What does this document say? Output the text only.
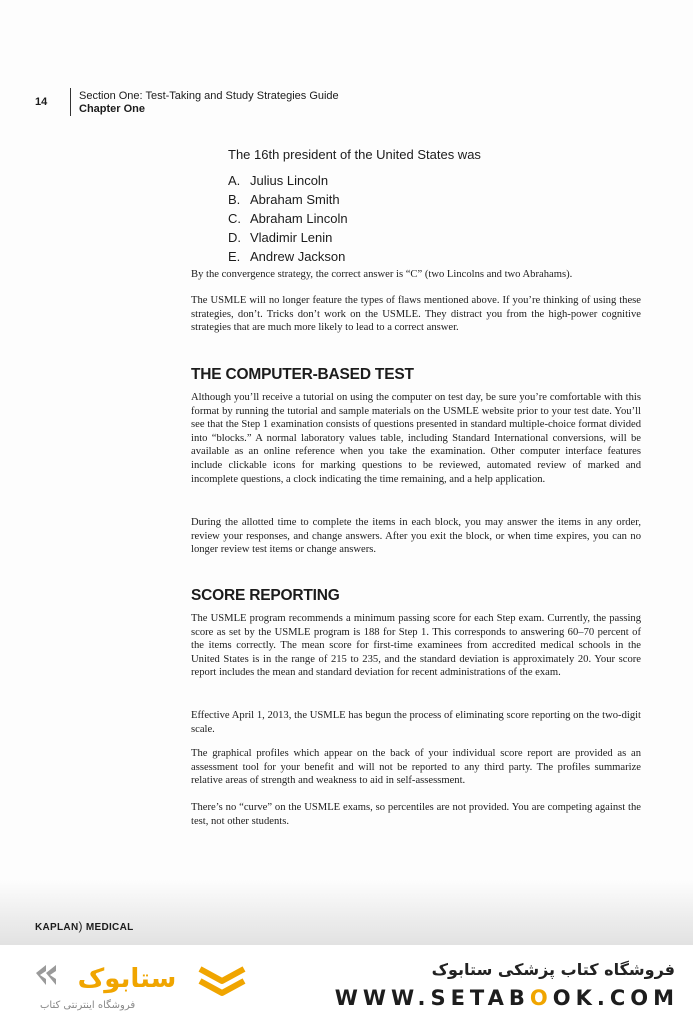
14	Section One: Test-Taking and Study Strategies Guide
Chapter One
The 16th president of the United States was
A. Julius Lincoln
B. Abraham Smith
C. Abraham Lincoln
D. Vladimir Lenin
E. Andrew Jackson

By the convergence strategy, the correct answer is “C” (two Lincolns and two Abrahams).

The USMLE will no longer feature the types of flaws mentioned above. If you’re thinking of using these strategies, don’t. Tricks don’t work on the USMLE. They distract you from the high-power cognitive strategies that are much more likely to lead to a correct answer.

THE COMPUTER-BASED TEST

Although you’ll receive a tutorial on using the computer on test day, be sure you’re comfortable with this format by running the tutorial and sample materials on the USMLE website prior to your test date. You’ll see that the Step 1 examination consists of questions presented in standard multiple-choice format divided into “blocks.” A normal laboratory values table, including Standard International conversions, will be available as an online reference when you take the examination. Other computer interface features include clickable icons for marking questions to be reviewed, automated review of marked and incomplete questions, a clock indicating the time remaining, and a help application.

During the allotted time to complete the items in each block, you may answer the items in any order, review your responses, and change answers. After you exit the block, or when time expires, you can no longer review test items or change answers.

SCORE REPORTING

The USMLE program recommends a minimum passing score for each Step exam. Currently, the passing score as set by the USMLE program is 188 for Step 1. This corresponds to answering 60–70 percent of the items correctly. The mean score for first-time examinees from accredited medical schools in the United States is in the range of 215 to 235, and the standard deviation is approximately 20. Your score report includes the mean and standard deviation for recent administrations of the exam.

Effective April 1, 2013, the USMLE has begun the process of eliminating score reporting on the two-digit scale.

The graphical profiles which appear on the back of your individual score report are provided as an assessment tool for your benefit and will not be reported to any third party. The profiles summarize relative areas of strength and weakness to aid in self-assessment.

There’s no “curve” on the USMLE exams, so percentiles are not provided. You are competing against the test, not other students.

KAPLAN) MEDICAL
ستابوک
فروشگاه اینترنتی کتاب
فروشگاه کتاب پزشکی ستابوک
WWW.SETABOOK.COM
